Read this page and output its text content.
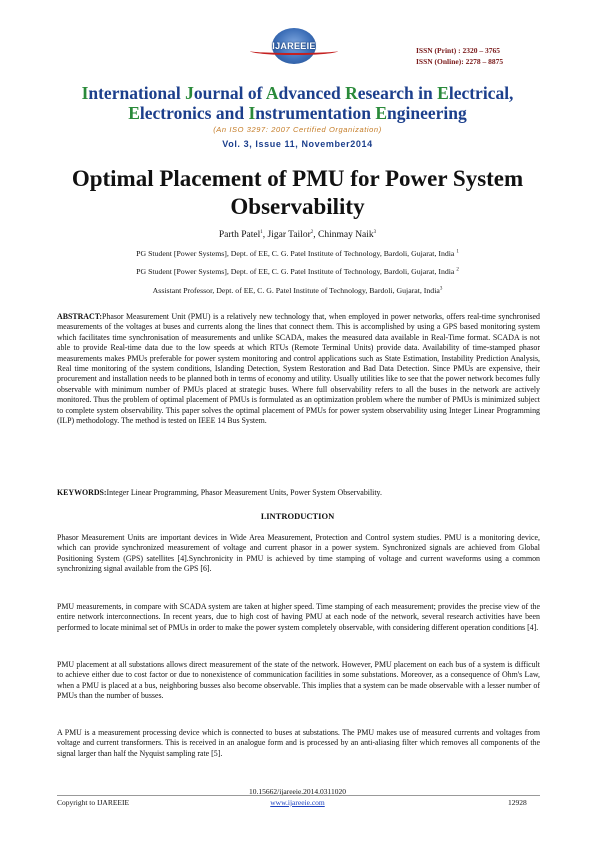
IJAREEIE	ISSN (Print) : 2320 – 3765
ISSN (Online): 2278 – 8875
International Journal of Advanced Research in Electrical,
Electronics and Instrumentation Engineering
(An ISO 3297: 2007 Certified Organization)
Vol. 3, Issue 11, November2014
Optimal Placement of PMU for Power System Observability
Parth Patel$^1$, Jigar Tailor$^2$, Chinmay Naik$^3$
PG Student [Power Systems], Dept. of EE, C. G. Patel Institute of Technology, Bardoli, Gujarat, India $^1$
PG Student [Power Systems], Dept. of EE, C. G. Patel Institute of Technology, Bardoli, Gujarat, India $^2$
Assistant Professor, Dept. of EE, C. G. Patel Institute of Technology, Bardoli, Gujarat, India$^3$
ABSTRACT:Phasor Measurement Unit (PMU) is a relatively new technology that, when employed in power networks, offers real-time synchronised measurements of the voltages at buses and currents along the lines that connect them. This is accomplished by using a GPS based monitoring system which facilitates time synchronisation of measurements and unlike SCADA, makes the measured data available in Real-Time format. SCADA is not able to provide Real-time data due to the low speeds at which RTUs (Remote Terminal Units) provide data. Availability of time-stamped phasor measurements makes PMUs preferable for power system monitoring and control applications such as State Estimation, Instability Prediction Analysis, Real time monitoring of the system conditions, Islanding Detection, System Restoration and Bad Data Detection. Since PMUs are expensive, their procurement and installation needs to be planned both in terms of economy and utility. Usually utilities like to see that the power network becomes fully observable with minimum number of PMUs placed at strategic buses. Where full observability refers to all the buses in the network are actively monitored. Thus the problem of optimal placement of PMUs is formulated as an optimization problem where the number of PMUs is minimized subject to complete system observability. This paper solves the optimal placement of PMUs for power system observability using Integer Linear Programming (ILP) methodology. The method is tested on IEEE 14 Bus System.
KEYWORDS:Integer Linear Programming, Phasor Measurement Units, Power System Observability.
I.INTRODUCTION
Phasor Measurement Units are important devices in Wide Area Measurement, Protection and Control system studies. PMU is a monitoring device, which can provide synchronized measurement of voltage and current phasor in a power system. Synchronized signals are achieved from Global Positioning System (GPS) satellites [4].Synchronicity in PMU is achieved by time stamping of voltage and current waveforms using a common synchronizing signal available from the GPS [6].
PMU measurements, in compare with SCADA system are taken at higher speed. Time stamping of each measurement; provides the precise view of the entire network interconnections. In recent years, due to high cost of having PMU at each node of the network, several research activities have been performed to locate minimal set of PMUs in order to make the power system completely observable, with considering different operation conditions [4].
PMU placement at all substations allows direct measurement of the state of the network. However, PMU placement on each bus of a system is difficult to achieve either due to cost factor or due to nonexistence of communication facilities in some substations. Moreover, as a consequence of Ohm's Law, when a PMU is placed at a bus, neighboring busses also become observable. This implies that a system can be made observable with a lesser number of PMUs than the number of busses.
A PMU is a measurement processing device which is connected to buses at substations. The PMU makes use of measured currents and voltages from voltage and current transformers. This is received in an analogue form and is processed by an anti-aliasing filter which removes all components of the signal larger than half the Nyquist sampling rate [5].
10.15662/ijareeie.2014.0311020
Copyright to IJAREEIE	www.ijareeie.com	12928
